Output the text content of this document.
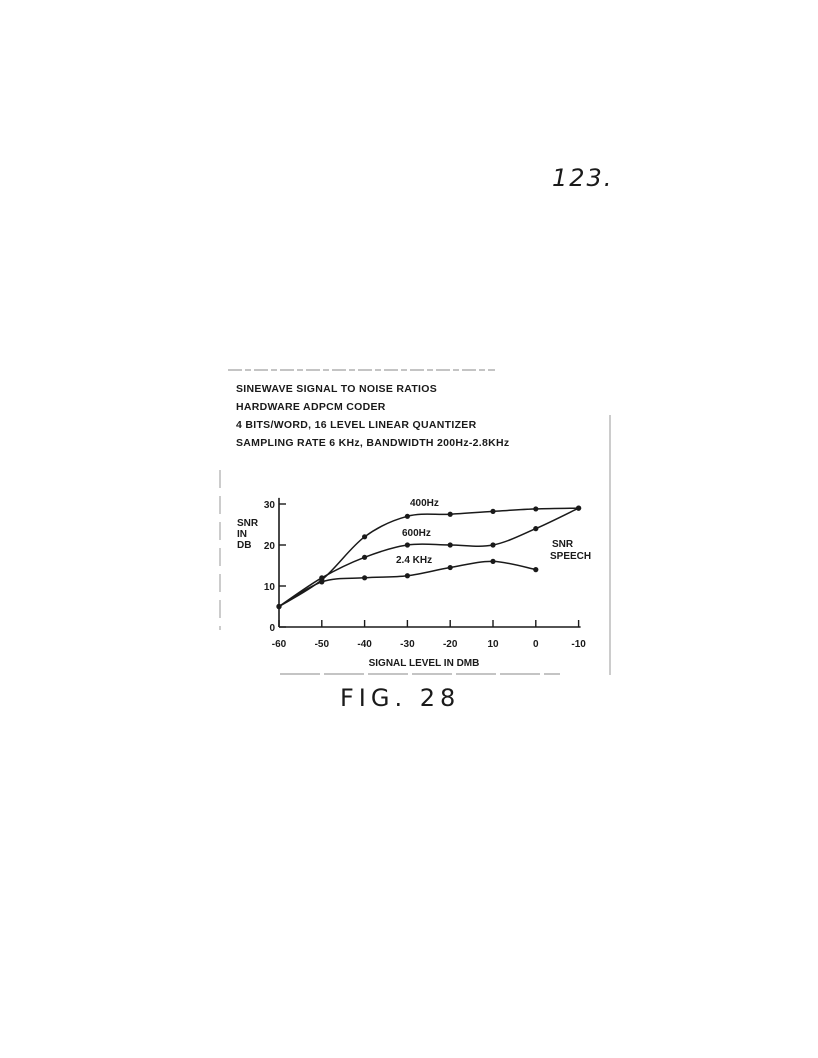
123.
SINEWAVE SIGNAL TO NOISE RATIOS
HARDWARE ADPCM CODER
4 BITS/WORD, 16 LEVEL LINEAR QUANTIZER
SAMPLING RATE 6 KHz, BANDWIDTH 200Hz-2.8KHz
0
10
20
30
-60	-50	-40	-30	-20	10	0	-10
SNR
IN
DB
SIGNAL LEVEL IN DMB
400Hz
600Hz
2.4 KHz
SNR
SPEECH
FIG. 28
